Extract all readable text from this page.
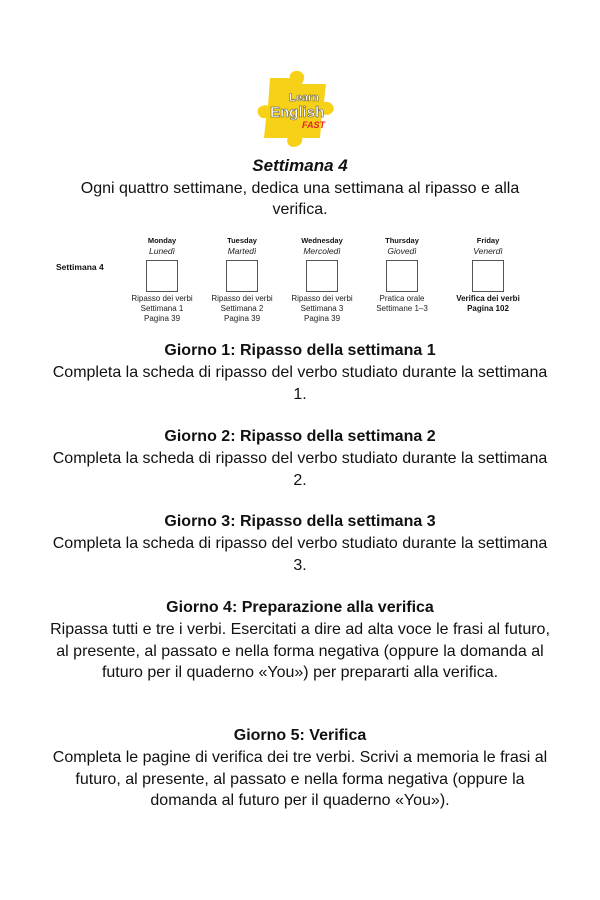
Learn
English
FAST
Settimana 4
Ogni quattro settimane, dedica una settimana al ripasso e alla verifica.
Settimana 4
Monday
Lunedì
Ripasso dei verbi
Settimana 1
Pagina 39
Tuesday
Martedì
Ripasso dei verbi
Settimana 2
Pagina 39
Wednesday
Mercoledì
Ripasso dei verbi
Settimana 3
Pagina 39
Thursday
Giovedì
Pratica orale
Settimane 1–3
Friday
Venerdì
Verifica dei verbi
Pagina 102
Giorno 1: Ripasso della settimana 1

Completa la scheda di ripasso del verbo studiato durante la settimana 1.

Giorno 2: Ripasso della settimana 2

Completa la scheda di ripasso del verbo studiato durante la settimana 2.

Giorno 3: Ripasso della settimana 3

Completa la scheda di ripasso del verbo studiato durante la settimana 3.

Giorno 4: Preparazione alla verifica

Ripassa tutti e tre i verbi. Esercitati a dire ad alta voce le frasi al futuro, al presente, al passato e nella forma negativa (oppure la domanda al futuro per il quaderno «You») per prepararti alla verifica.

Giorno 5: Verifica

Completa le pagine di verifica dei tre verbi. Scrivi a memoria le frasi al futuro, al presente, al passato e nella forma negativa (oppure la domanda al futuro per il quaderno «You»).
